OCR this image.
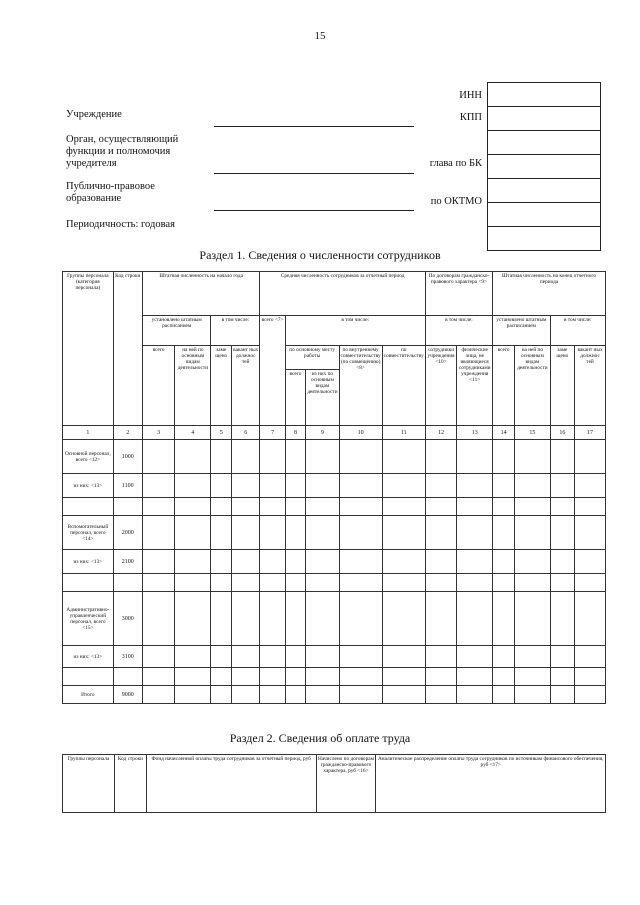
15
ИНН
КПП
Учреждение
Орган, осуществляющий функции и полномочия учредителя	глава по БК
Публично-правовое образование	по ОКТМО
Периодичность: годовая

Раздел 1. Сведения о численности сотрудников
Группы персонала (категория персонала)	Код строки	Штатная численность на начало года				Средняя численность сотрудников за отчетный период					По договорам гражданско-правового характера <9>		Штатная численность на конец отчетного периода			
		установлено штатным расписанием		в том числе:		всего <7>	в том числе:				в том числе:		установлено штатным расписанием		в том числе:	
		всего	на ней по основным видам деятельности	заме щено	вакант ных должнос тей		по основному месту работы		по внутреннему совместительству (по совмещению) <8>	по совместительству	сотрудники учреждения <10>	физические лица, не являющиеся сотрудниками учреждения <11>	всего	на ней по основным видам деятельности	заме щено	вакант ных должнос тей
							всего	из них по основным видам деятельности								
1	2	3	4	5	6	7	8	9	10	11	12	13	14	15	16	17
Основной персонал, всего <12>	1000															
из них: <13>	1100															

Вспомогательный персонал, всего <14>	2000															
из них: <13>	2100															

Административно-управленческий персонал, всего <15>	3000															
из них: <13>	3100															

Итого	9000															
Раздел 2. Сведения об оплате труда
Группы персонала	Код строки	Фонд начисленной оплаты труда сотрудников за отчетный период, руб	Начислено по договорам гражданско-правового характера, руб <16>	Аналитическое распределение оплаты труда сотрудников по источникам финансового обеспечения, руб <17>
